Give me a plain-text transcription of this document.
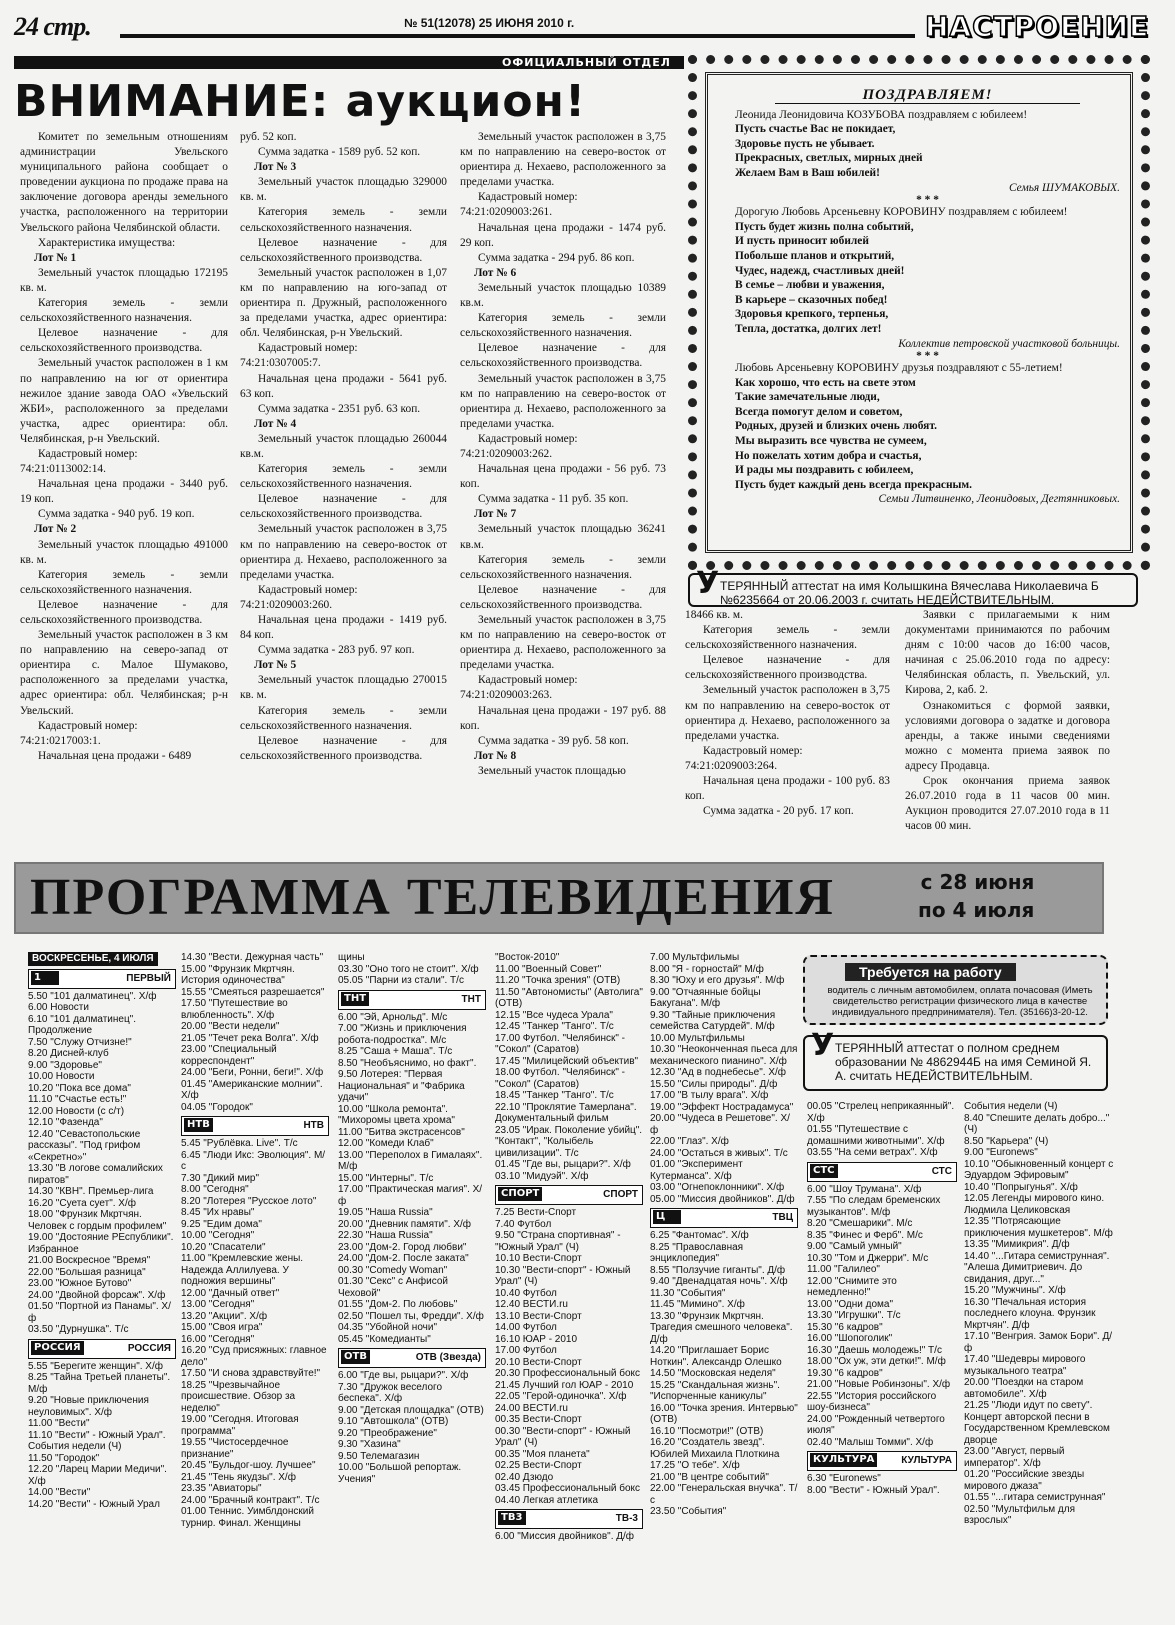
24 стр.	№ 51(12078) 25 ИЮНЯ 2010 г.	НАСТРОЕНИЕ
ОФИЦИАЛЬНЫЙ ОТДЕЛ
ВНИМАНИЕ: аукцион!

Комитет по земельным отношениям администрации Увельского муниципального района сообщает о проведении аукциона по продаже права на заключение договора аренды земельного участка, расположенного на территории Увельского района Челябинской области.

Характеристика имущества:

Лот № 1

Земельный участок площадью 172195 кв. м.

Категория земель - земли сельскохозяйственного назначения.

Целевое назначение - для сельскохозяйственного производства.

Земельный участок расположен в 1 км по направлению на юг от ориентира нежилое здание завода ОАО «Увельский ЖБИ», расположенного за пределами участка, адрес ориентира: обл. Челябинская, р-н Увельский.

Кадастровый номер:

74:21:0113002:14.

Начальная цена продажи - 3440 руб. 19 коп.

Сумма задатка - 940 руб. 19 коп.

Лот № 2

Земельный участок площадью 491000 кв. м.

Категория земель - земли сельскохозяйственного назначения.

Целевое назначение - для сельскохозяйственного производства.

Земельный участок расположен в 3 км по направлению на северо-запад от ориентира с. Малое Шумаково, расположенного за пределами участка, адрес ориентира: обл. Челябинская; р-н Увельский.

Кадастровый номер:

74:21:0217003:1.

Начальная цена продажи - 6489

руб. 52 коп.

Сумма задатка - 1589 руб. 52 коп.

Лот № 3

Земельный участок площадью 329000 кв. м.

Категория земель - земли сельскохозяйственного назначения.

Целевое назначение - для сельскохозяйственного производства.

Земельный участок расположен в 1,07 км по направлению на юго-запад от ориентира п. Дружный, расположенного за пределами участка, адрес ориентира: обл. Челябинская, р-н Увельский.

Кадастровый номер:

74:21:0307005:7.

Начальная цена продажи - 5641 руб. 63 коп.

Сумма задатка - 2351 руб. 63 коп.

Лот № 4

Земельный участок площадью 260044 кв.м.

Категория земель - земли сельскохозяйственного назначения.

Целевое назначение - для сельскохозяйственного производства.

Земельный участок расположен в 3,75 км по направлению на северо-восток от ориентира д. Нехаево, расположенного за пределами участка.

Кадастровый номер:

74:21:0209003:260.

Начальная цена продажи - 1419 руб. 84 коп.

Сумма задатка - 283 руб. 97 коп.

Лот № 5

Земельный участок площадью 270015 кв. м.

Категория земель - земли сельскохозяйственного назначения.

Целевое назначение - для сельскохозяйственного производства.

Земельный участок расположен в 3,75 км по направлению на северо-восток от ориентира д. Нехаево, расположенного за пределами участка.

Кадастровый номер:

74:21:0209003:261.

Начальная цена продажи - 1474 руб. 29 коп.

Сумма задатка - 294 руб. 86 коп.

Лот № 6

Земельный участок площадью 10389 кв.м.

Категория земель - земли сельскохозяйственного назначения.

Целевое назначение - для сельскохозяйственного производства.

Земельный участок расположен в 3,75 км по направлению на северо-восток от ориентира д. Нехаево, расположенного за пределами участка.

Кадастровый номер:

74:21:0209003:262.

Начальная цена продажи - 56 руб. 73 коп.

Сумма задатка - 11 руб. 35 коп.

Лот № 7

Земельный участок площадью 36241 кв.м.

Категория земель - земли сельскохозяйственного назначения.

Целевое назначение - для сельскохозяйственного производства.

Земельный участок расположен в 3,75 км по направлению на северо-восток от ориентира д. Нехаево, расположенного за пределами участка.

Кадастровый номер:

74:21:0209003:263.

Начальная цена продажи - 197 руб. 88 коп.

Сумма задатка - 39 руб. 58 коп.

Лот № 8

Земельный участок площадью

18466 кв. м.

Категория земель - земли сельскохозяйственного назначения.

Целевое назначение - для сельскохозяйственного производства.

Земельный участок расположен в 3,75 км по направлению на северо-восток от ориентира д. Нехаево, расположенного за пределами участка.

Кадастровый номер:

74:21:0209003:264.

Начальная цена продажи - 100 руб. 83 коп.

Сумма задатка - 20 руб. 17 коп.

Заявки с прилагаемыми к ним документами принимаются по рабочим дням с 10:00 часов до 16:00 часов, начиная с 25.06.2010 года по адресу: Челябинская область, п. Увельский, ул. Кирова, 2, каб. 2.

Ознакомиться с формой заявки, условиями договора о задатке и договора аренды, а также иными сведениями можно с момента приема заявок по адресу Продавца.

Срок окончания приема заявок 26.07.2010 года в 11 часов 00 мин. Аукцион проводится 27.07.2010 года в 11 часов 00 мин.

ПОЗДРАВЛЯЕМ!
Леонида Леонидовича КОЗУБОВА поздравляем с юбилеем!
Пусть счастье Вас не покидает,
Здоровье пусть не убывает.
Прекрасных, светлых, мирных дней
Желаем Вам в Ваш юбилей!
Семья ШУМАКОВЫХ.
* * *
Дорогую Любовь Арсеньевну КОРОВИНУ поздравляем с юбилеем!
Пусть будет жизнь полна событий,
И пусть приносит юбилей
Побольше планов и открытий,
Чудес, надежд, счастливых дней!
В семье – любви и уважения,
В карьере – сказочных побед!
Здоровья крепкого, терпенья,
Тепла, достатка, долгих лет!
Коллектив петровской участковой больницы.
* * *
Любовь Арсеньевну КОРОВИНУ друзья поздравляют с 55-летием!
Как хорошо, что есть на свете этом
Такие замечательные люди,
Всегда помогут делом и советом,
Родных, друзей и близких очень любят.
Мы выразить все чувства не сумеем,
Но пожелать хотим добра и счастья,
И рады мы поздравить с юбилеем,
Пусть будет каждый день всегда прекрасным.
Семьи Литвиненко, Леонидовых, Дегтянниковых.
У ТЕРЯННЫЙ аттестат на имя Колышкина Вячеслава Николаевича Б №6235664 от 20.06.2003 г. считать НЕДЕЙСТВИТЕЛЬНЫМ.
ПРОГРАММА ТЕЛЕВИДЕНИЯ	с 28 июня
по 4 июля
ВОСКРЕСЕНЬЕ, 4 ИЮЛЯ
1	ПЕРВЫЙ
5.50 "101 далматинец". Х/ф
6.00 Новости
6.10 "101 далматинец". Продолжение
7.50 "Служу Отчизне!"
8.20 Дисней-клуб
9.00 "Здоровье"
10.00 Новости
10.20 "Пока все дома"
11.10 "Счастье есть!"
12.00 Новости (с с/т)
12.10 "Фазенда"
12.40 "Севастопольские рассказы". "Под грифом «Секретно»"
13.30 "В логове сомалийских пиратов"
14.30 "КВН". Премьер-лига
16.20 "Суета сует". Х/ф
18.00 "Фрунзик Мкртчян. Человек с гордым профилем"
19.00 "Достояние РЕспублики". Избранное
21.00 Воскресное "Время"
22.00 "Большая разница"
23.00 "Южное Бутово"
24.00 "Двойной форсаж". Х/ф
01.50 "Портной из Панамы". Х/ф
03.50 "Дурнушка". Т/с
РОССИЯ	РОССИЯ
5.55 "Берегите женщин". Х/ф
8.25 "Тайна Третьей планеты". М/ф
9.20 "Новые приключения неуловимых". Х/ф
11.00 "Вести"
11.10 "Вести" - Южный Урал". События недели (Ч)
11.50 "Городок"
12.20 "Ларец Марии Медичи". Х/ф
14.00 "Вести"
14.20 "Вести" - Южный Урал
14.30 "Вести. Дежурная часть"
15.00 "Фрунзик Мкртчян. История одиночества"
15.55 "Смеяться разрешается"
17.50 "Путешествие во влюбленность". Х/ф
20.00 "Вести недели"
21.05 "Течет река Волга". Х/ф
23.00 "Специальный корреспондент"
24.00 "Беги, Ронни, беги!". Х/ф
01.45 "Американские молнии". Х/ф
04.05 "Городок"
НТВ	НТВ
5.45 "Рублёвка. Live". Т/с
6.45 "Люди Икс: Эволюция". М/с
7.30 "Дикий мир"
8.00 "Сегодня"
8.20 "Лотерея "Русское лото"
8.45 "Их нравы"
9.25 "Едим дома"
10.00 "Сегодня"
10.20 "Спасатели"
11.00 "Кремлевские жены. Надежда Аллилуева. У подножия вершины"
12.00 "Дачный ответ"
13.00 "Сегодня"
13.20 "Акции". Х/ф
15.00 "Своя игра"
16.00 "Сегодня"
16.20 "Суд присяжных: главное дело"
17.50 "И снова здравствуйте!"
18.25 "Чрезвычайное происшествие. Обзор за неделю"
19.00 "Сегодня. Итоговая программа"
19.55 "Чистосердечное признание"
20.45 "Бульдог-шоу. Лучшее"
21.45 "Тень якудзы". Х/ф
23.35 "Авиаторы"
24.00 "Брачный контракт". Т/с
01.00 Теннис. Уимблдонский турнир. Финал. Женщины
щины
03.30 "Оно того не стоит". Х/ф
05.05 "Парни из стали". Т/с
ТНТ	ТНТ
6.00 "Эй, Арнольд". М/с
7.00 "Жизнь и приключения робота-подростка". М/с
8.25 "Саша + Маша". Т/с
8.50 "Необъяснимо, но факт".
9.50 Лотерея: "Первая Национальная" и "Фабрика удачи"
10.00 "Школа ремонта". "Михоромы цвета хрома"
11.00 "Битва экстрасенсов"
12.00 "Комеди Клаб"
13.00 "Переполох в Гималаях". М/ф
15.00 "Интерны". Т/с
17.00 "Практическая магия". Х/ф
19.05 "Наша Russia"
20.00 "Дневник памяти". Х/ф
22.30 "Наша Russia"
23.00 "Дом-2. Город любви"
24.00 "Дом-2. После заката"
00.30 "Comedy Woman"
01.30 "Секс" с Анфисой Чеховой"
01.55 "Дом-2. По любовь"
02.50 "Пошел ты, Фредди". Х/ф
04.35 "Убойной ночи"
05.45 "Комедианты"
ОТВ	ОТВ (Звезда)
6.00 "Где вы, рыцари?". Х/ф
7.30 "Дружок веселого беспека". Х/ф
9.00 "Детская площадка" (ОТВ)
9.10 "Автошкола" (ОТВ)
9.20 "Преображение"
9.30 "Хазина"
9.50 Телемагазин
10.00 "Большой репортаж. Учения"
"Восток-2010"
11.00 "Военный Совет"
11.20 "Точка зрения" (ОТВ)
11.50 "Автономисты" (Автолига" (ОТВ)
12.15 "Все чудеса Урала"
12.45 "Танкер "Танго". Т/с
17.00 Футбол. "Челябинск" - "Сокол" (Саратов)
17.45 "Милицейский объектив"
18.00 Футбол. "Челябинск" - "Сокол" (Саратов)
18.45 "Танкер "Танго". Т/с
22.10 "Проклятие Тамерлана". Документальный фильм
23.05 "Ирак. Поколение убийц". "Контакт", "Колыбель цивилизации". Т/с
01.45 "Где вы, рыцари?". Х/ф
03.10 "Мидуэй". Х/ф
СПОРТ	СПОРТ
7.25 Вести-Спорт
7.40 Футбол
9.50 "Страна спортивная" - "Южный Урал" (Ч)
10.10 Вести-Спорт
10.30 "Вести-спорт" - Южный Урал" (Ч)
10.40 Футбол
12.40 ВЕСТИ.ru
13.10 Вести-Спорт
14.00 Футбол
16.10 ЮАР - 2010
17.00 Футбол
20.10 Вести-Спорт
20.30 Профессиональный бокс
21.45 Лучший гол ЮАР - 2010
22.05 "Герой-одиночка". Х/ф
24.00 ВЕСТИ.ru
00.35 Вести-Спорт
00.30 "Вести-спорт" - Южный Урал" (Ч)
00.35 "Моя планета"
02.25 Вести-Спорт
02.40 Дзюдо
03.45 Профессиональный бокс
04.40 Легкая атлетика
ТВ3	ТВ-3
6.00 "Миссия двойников". Д/ф
7.00 Мультфильмы
8.00 "Я - горностай" М/ф
8.30 "Юху и его друзья". М/ф
9.00 "Отчаянные бойцы Бакугана". М/ф
9.30 "Тайные приключения семейства Сатурдей". М/ф
10.00 Мультфильмы
10.30 "Неоконченная пьеса для механического пианино". Х/ф
12.30 "Ад в поднебесье". Х/ф
15.50 "Силы природы". Д/ф
17.00 "В тылу врага". Х/ф
19.00 "Эффект Нострадамуса"
20.00 "Чудеса в Решетове". Х/ф
22.00 "Глаз". Х/ф
24.00 "Остаться в живых". Т/с
01.00 "Эксперимент Кутерманса". Х/ф
03.00 "Огнепоклонники". Х/ф
05.00 "Миссия двойников". Д/ф
Ц	ТВЦ
6.25 "Фантомас". Х/ф
8.25 "Православная энциклопедия"
8.55 "Ползучие гиганты". Д/ф
9.40 "Двенадцатая ночь". Х/ф
11.30 "События"
11.45 "Мимино". Х/ф
13.30 "Фрунзик Мкртчян. Трагедия смешного человека". Д/ф
14.20 "Приглашает Борис Ноткин". Александр Олешко
14.50 "Московская неделя"
15.25 "Скандальная жизнь". "Испорченные каникулы"
16.00 "Точка зрения. Интервью" (ОТВ)
16.10 "Посмотри!" (ОТВ)
16.20 "Создатель звезд". Юбилей Михаила Плоткина
17.25 "О тебе". Х/ф
21.00 "В центре событий"
22.00 "Генеральская внучка". Т/с
23.50 "События"
Требуется на работу
водитель с личным автомобилем, оплата почасовая (Иметь свидетельство регистрации физического лица в качестве индивидуального предпринимателя). Тел. (35166)3-20-12.
У ТЕРЯННЫЙ аттестат о полном среднем образовании № 4862944Б на имя Семиной Я. А. считать НЕДЕЙСТВИТЕЛЬНЫМ.
00.05 "Стрелец неприкаянный". Х/ф
01.55 "Путешествие с домашними животными". Х/ф
03.55 "На семи ветрах". Х/ф
СТС	СТС
6.00 "Шоу Трумана". Х/ф
7.55 "По следам бременских музыкантов". М/ф
8.20 "Смешарики". М/с
8.35 "Финес и Ферб". М/с
9.00 "Самый умный"
10.30 "Том и Джерри". М/с
11.00 "Галилео"
12.00 "Снимите это немедленно!"
13.00 "Одни дома"
13.30 "Игрушки". Т/с
15.30 "6 кадров"
16.00 "Шопоголик"
16.30 "Даешь молодежь!" Т/с
18.00 "Ох уж, эти детки!". М/ф
19.30 "6 кадров"
21.00 "Новые Робинзоны". Х/ф
22.55 "История российского шоу-бизнеса"
24.00 "Рожденный четвертого июля"
02.40 "Малыш Томми". Х/ф
КУЛЬТУРА	КУЛЬТУРА
6.30 "Euronews"
8.00 "Вести" - Южный Урал".
События недели (Ч)
8.40 "Спешите делать добро..." (Ч)
8.50 "Карьера" (Ч)
9.00 "Euronews"
10.10 "Обыкновенный концерт с Эдуардом Эфировым"
10.40 "Попрыгунья". Х/ф
12.05 Легенды мирового кино. Людмила Целиковская
12.35 "Потрясающие приключения мушкетеров". М/ф
13.35 "Мимикрия". Д/ф
14.40 "...Гитара семиструнная". "Алеша Димитриевич. До свидания, друг..."
15.20 "Мужчины". Х/ф
16.30 "Печальная история последнего клоуна. Фрунзик Мкртчян". Д/ф
17.10 "Венгрия. Замок Бори". Д/ф
17.40 "Шедевры мирового музыкального театра"
20.00 "Поездки на старом автомобиле". Х/ф
21.25 "Люди идут по свету". Концерт авторской песни в Государственном Кремлевском дворце
23.00 "Август, первый император". Х/ф
01.20 "Российские звезды мирового джаза"
01.55 "...гитара семиструнная"
02.50 "Мультфильм для взрослых"
